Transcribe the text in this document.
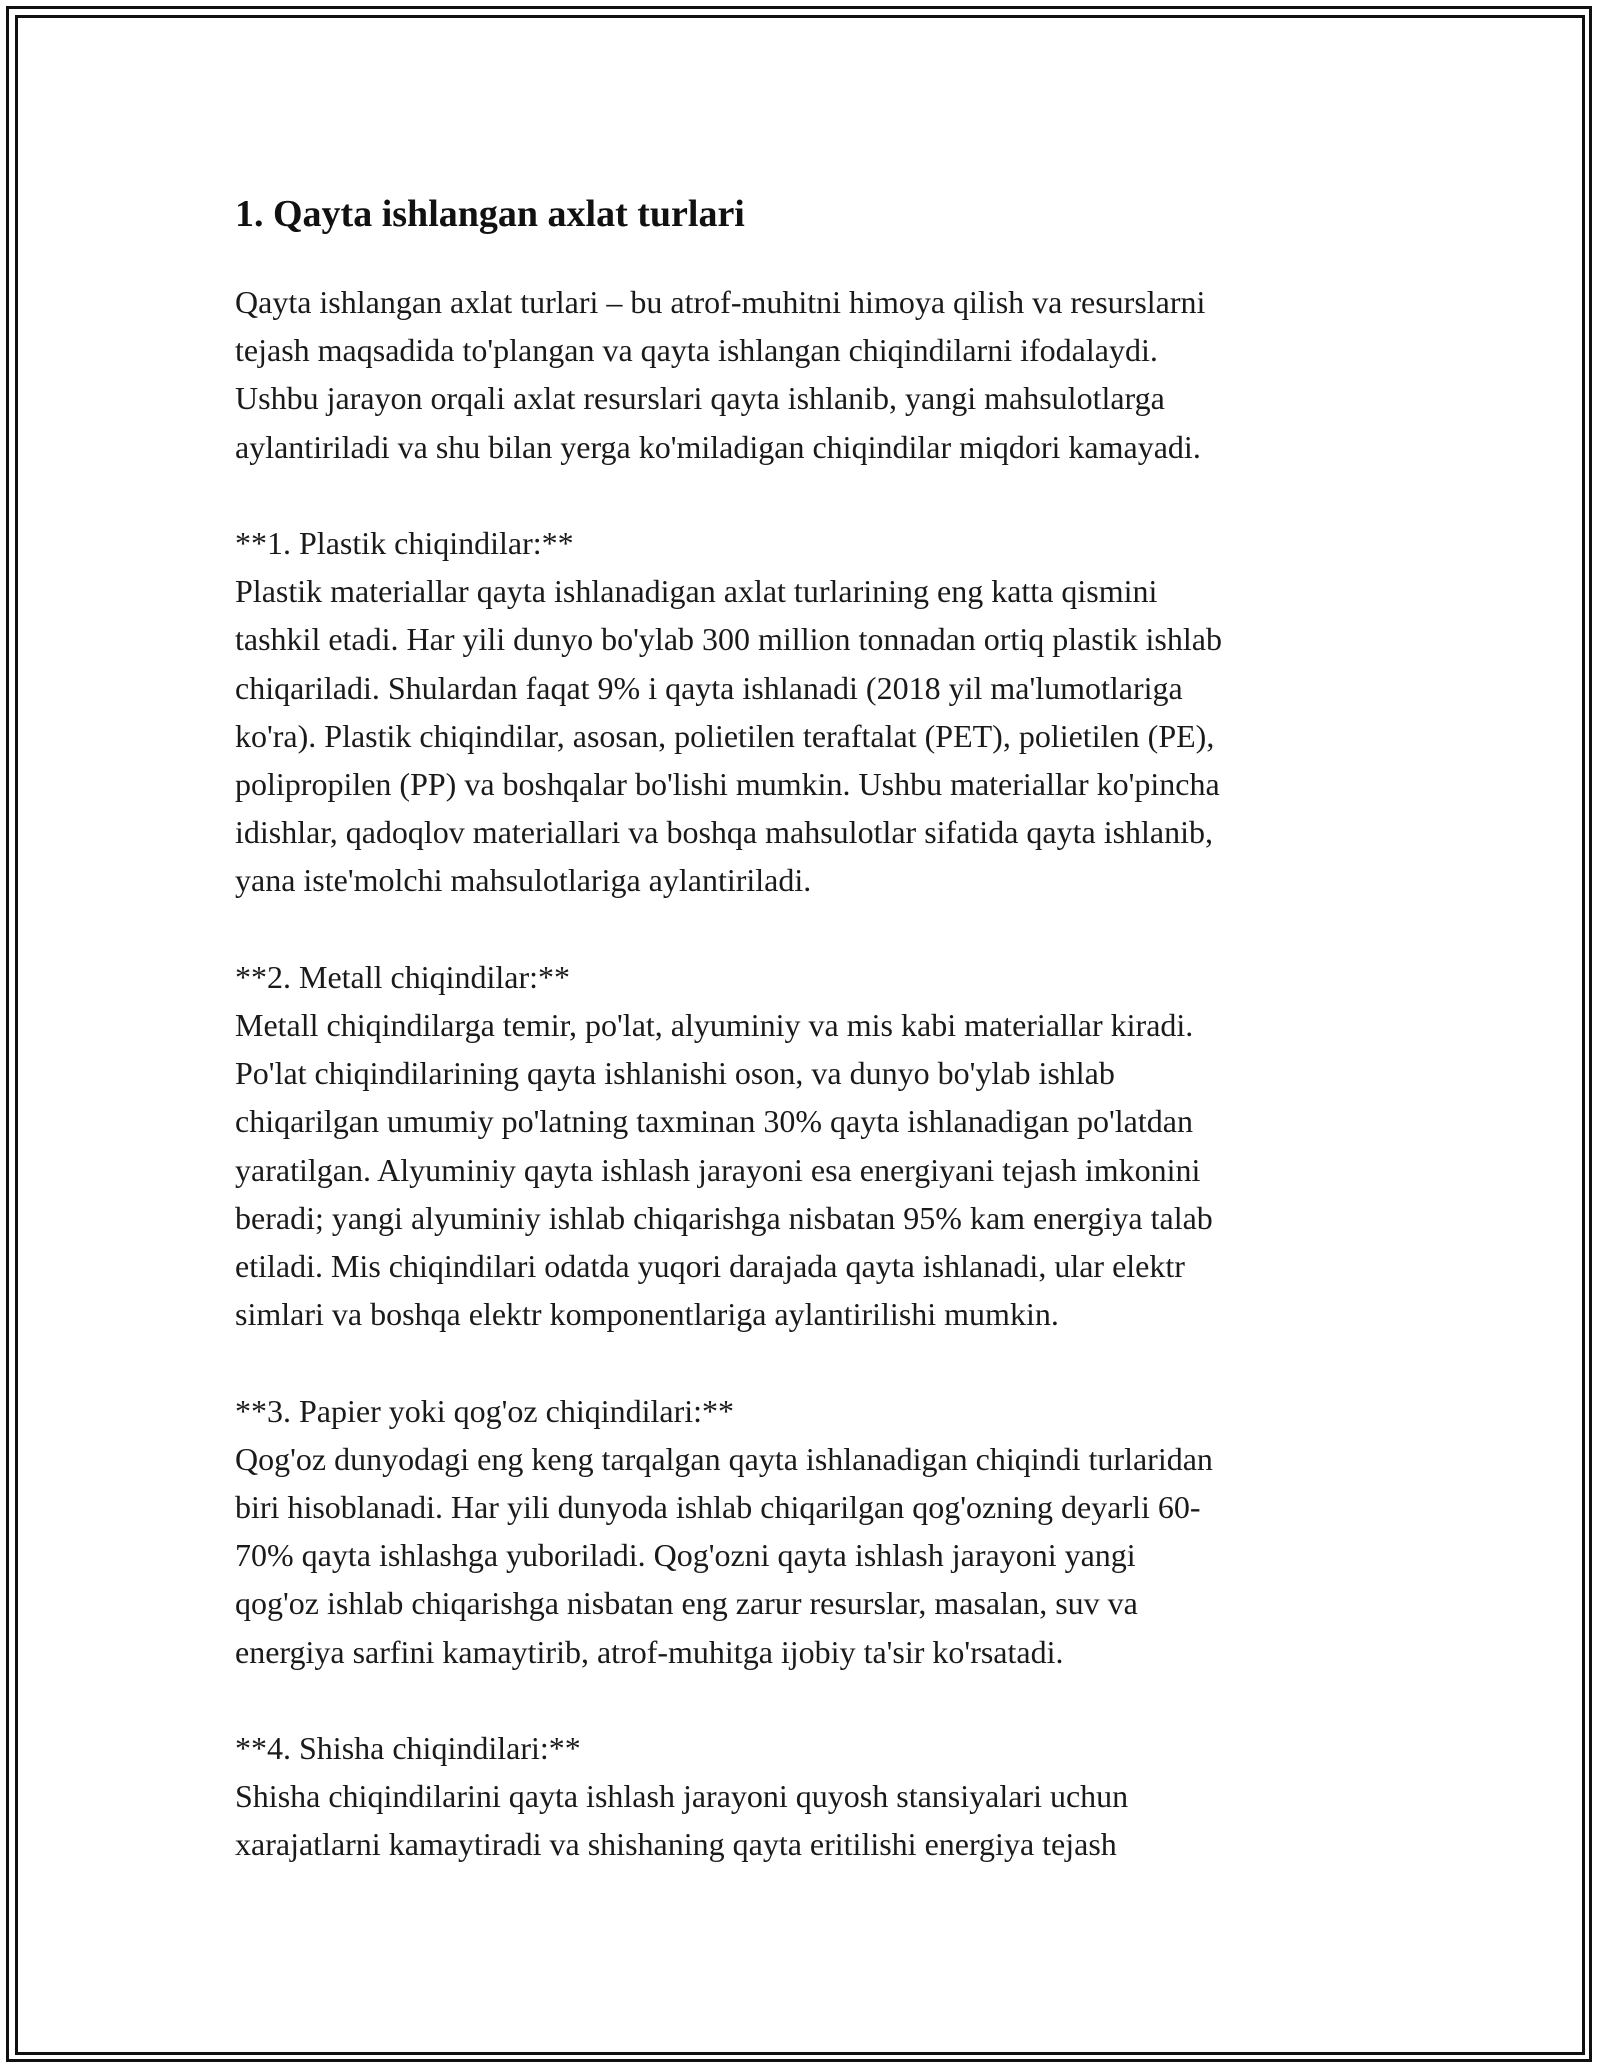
1. Qayta ishlangan axlat turlari

Qayta ishlangan axlat turlari – bu atrof-muhitni himoya qilish va resurslarni
tejash maqsadida to'plangan va qayta ishlangan chiqindilarni ifodalaydi.
Ushbu jarayon orqali axlat resurslari qayta ishlanib, yangi mahsulotlarga
aylantiriladi va shu bilan yerga ko'miladigan chiqindilar miqdori kamayadi.

**1. Plastik chiqindilar:**
Plastik materiallar qayta ishlanadigan axlat turlarining eng katta qismini
tashkil etadi. Har yili dunyo bo'ylab 300 million tonnadan ortiq plastik ishlab
chiqariladi. Shulardan faqat 9% i qayta ishlanadi (2018 yil ma'lumotlariga
ko'ra). Plastik chiqindilar, asosan, polietilen teraftalat (PET), polietilen (PE),
polipropilen (PP) va boshqalar bo'lishi mumkin. Ushbu materiallar ko'pincha
idishlar, qadoqlov materiallari va boshqa mahsulotlar sifatida qayta ishlanib,
yana iste'molchi mahsulotlariga aylantiriladi.

**2. Metall chiqindilar:**
Metall chiqindilarga temir, po'lat, alyuminiy va mis kabi materiallar kiradi.
Po'lat chiqindilarining qayta ishlanishi oson, va dunyo bo'ylab ishlab
chiqarilgan umumiy po'latning taxminan 30% qayta ishlanadigan po'latdan
yaratilgan. Alyuminiy qayta ishlash jarayoni esa energiyani tejash imkonini
beradi; yangi alyuminiy ishlab chiqarishga nisbatan 95% kam energiya talab
etiladi. Mis chiqindilari odatda yuqori darajada qayta ishlanadi, ular elektr
simlari va boshqa elektr komponentlariga aylantirilishi mumkin.

**3. Papier yoki qog'oz chiqindilari:**
Qog'oz dunyodagi eng keng tarqalgan qayta ishlanadigan chiqindi turlaridan
biri hisoblanadi. Har yili dunyoda ishlab chiqarilgan qog'ozning deyarli 60-
70% qayta ishlashga yuboriladi. Qog'ozni qayta ishlash jarayoni yangi
qog'oz ishlab chiqarishga nisbatan eng zarur resurslar, masalan, suv va
energiya sarfini kamaytirib, atrof-muhitga ijobiy ta'sir ko'rsatadi.

**4. Shisha chiqindilari:**
Shisha chiqindilarini qayta ishlash jarayoni quyosh stansiyalari uchun
xarajatlarni kamaytiradi va shishaning qayta eritilishi energiya tejash
